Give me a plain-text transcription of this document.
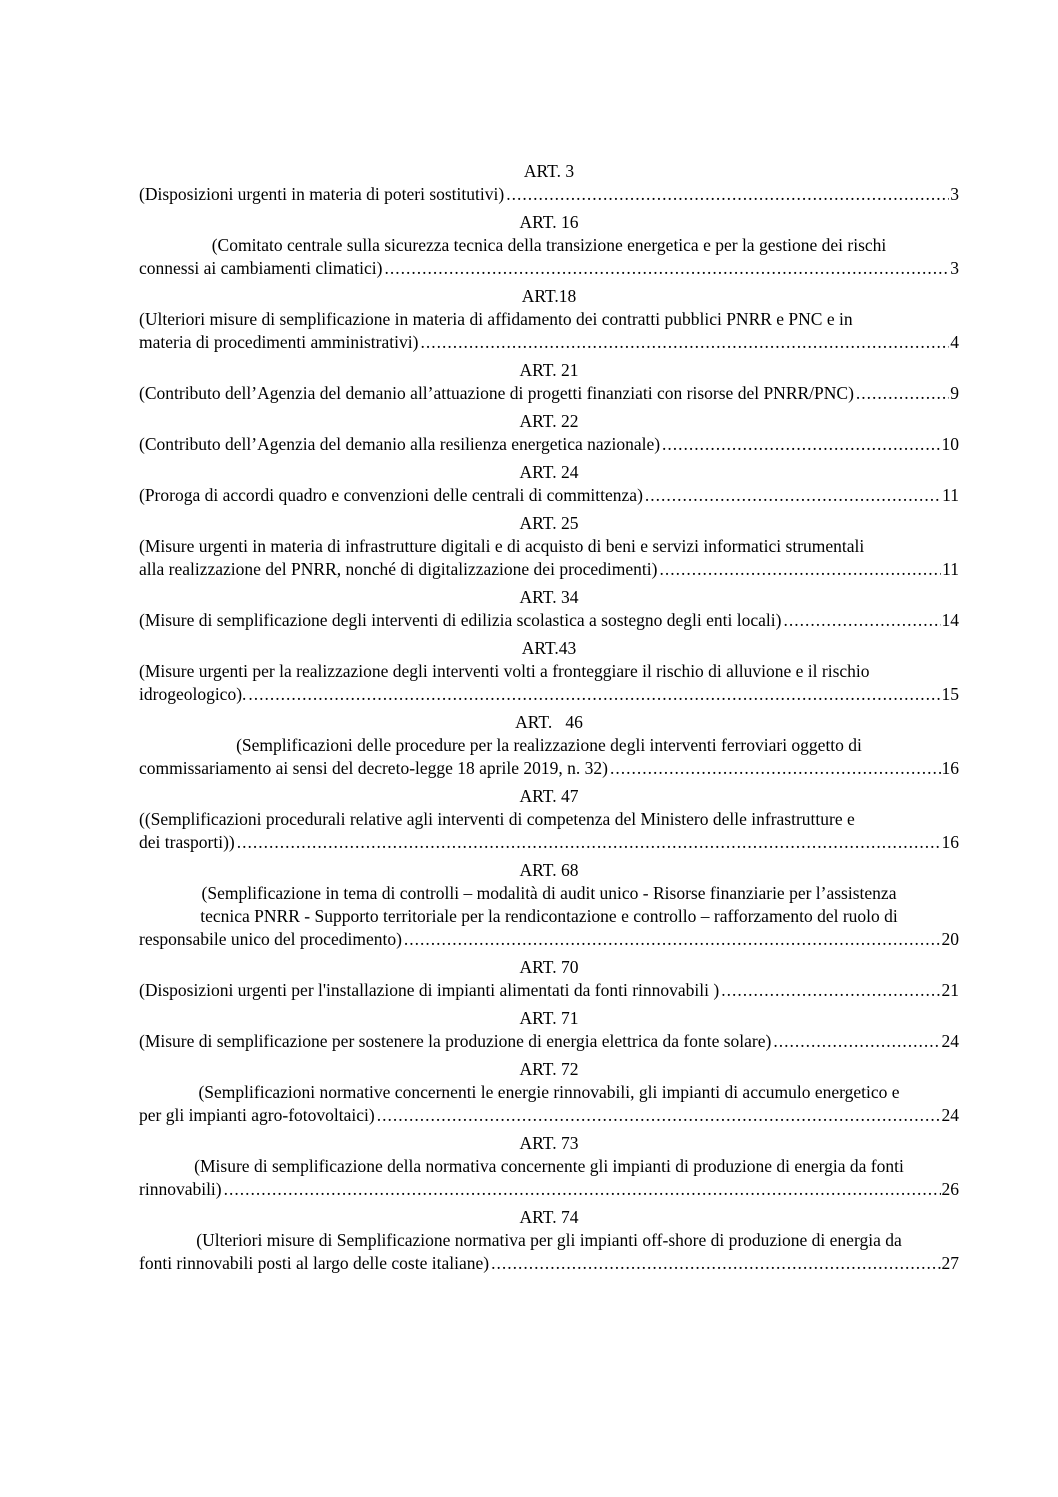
ART. 3
(Disposizioni urgenti in materia di poteri sostitutivi) .....	3
ART. 16
(Comitato centrale sulla sicurezza tecnica della transizione energetica e per la gestione dei rischi
connessi ai cambiamenti climatici) .....	3
ART.18
(Ulteriori misure di semplificazione in materia di affidamento dei contratti pubblici PNRR e PNC e in
materia di procedimenti amministrativi) .....	4
ART. 21
(Contributo dell’Agenzia del demanio all’attuazione di progetti finanziati con risorse del PNRR/PNC) .....	9
ART. 22
(Contributo dell’Agenzia del demanio alla resilienza energetica nazionale) .....	10
ART. 24
(Proroga di accordi quadro e convenzioni delle centrali di committenza) .....	11
ART. 25
(Misure urgenti in materia di infrastrutture digitali e di acquisto di beni e servizi informatici strumentali
alla realizzazione del PNRR, nonché di digitalizzazione dei procedimenti) .....	11
ART. 34
(Misure di semplificazione degli interventi di edilizia scolastica a sostegno degli enti locali) .....	14
ART.43
(Misure urgenti per la realizzazione degli interventi volti a fronteggiare il rischio di alluvione e il rischio
idrogeologico). .....	15
ART.   46
(Semplificazioni delle procedure per la realizzazione degli interventi ferroviari oggetto di
commissariamento ai sensi del decreto-legge 18 aprile 2019, n. 32) .....	16
ART. 47
((Semplificazioni procedurali relative agli interventi di competenza del Ministero delle infrastrutture e
dei trasporti)) .....	16
ART. 68
(Semplificazione in tema di controlli – modalità di audit unico - Risorse finanziarie per l’assistenza
tecnica PNRR - Supporto territoriale per la rendicontazione e controllo – rafforzamento del ruolo di
responsabile unico del procedimento) .....	20
ART. 70
(Disposizioni urgenti per l'installazione di impianti alimentati da fonti rinnovabili ) .....	21
ART. 71
(Misure di semplificazione per sostenere la produzione di energia elettrica da fonte solare) .....	24
ART. 72
(Semplificazioni normative concernenti le energie rinnovabili, gli impianti di accumulo energetico e
per gli impianti agro-fotovoltaici) .....	24
ART. 73
(Misure di semplificazione della normativa concernente gli impianti di produzione di energia da fonti
rinnovabili) .....	26
ART. 74
(Ulteriori misure di Semplificazione normativa per gli impianti off-shore di produzione di energia da
fonti rinnovabili posti al largo delle coste italiane) .....	27
